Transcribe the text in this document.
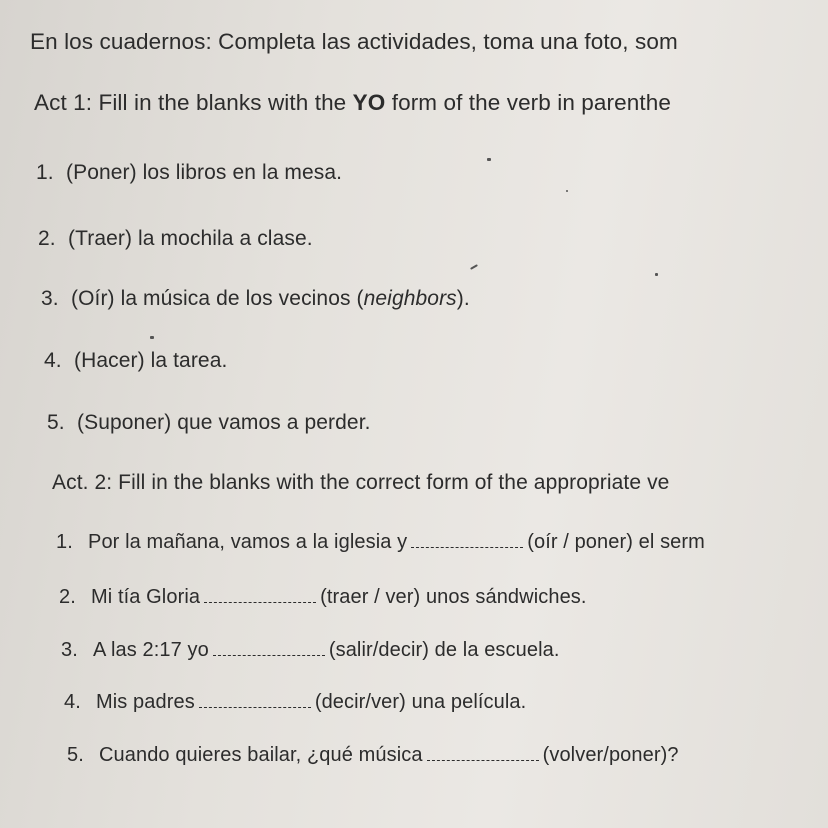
En los cuadernos: Completa las actividades, toma una foto, som
Act 1: Fill in the blanks with the YO form of the verb in parenthe
1. (Poner) los libros en la mesa.
2. (Traer) la mochila a clase.
3. (Oír) la música de los vecinos (neighbors).
4. (Hacer) la tarea.
5. (Suponer) que vamos a perder.
Act. 2: Fill in the blanks with the correct form of the appropriate ve
1. Por la mañana, vamos a la iglesia y	(oír / poner) el serm
2. Mi tía Gloria	(traer / ver) unos sándwiches.
3. A las 2:17 yo	(salir/decir) de la escuela.
4. Mis padres	(decir/ver) una película.
5. Cuando quieres bailar, ¿qué música	(volver/poner)?
